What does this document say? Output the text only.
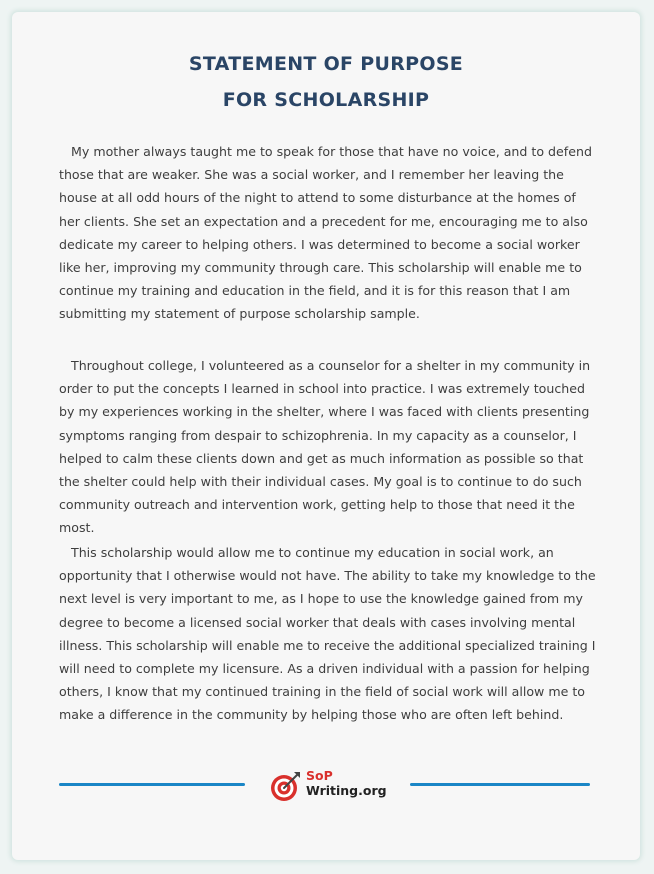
STATEMENT OF PURPOSE
FOR SCHOLARSHIP

My mother always taught me to speak for those that have no voice, and to defend those that are weaker. She was a social worker, and I remember her leaving the house at all odd hours of the night to attend to some disturbance at the homes of her clients. She set an expectation and a precedent for me, encouraging me to also dedicate my career to helping others. I was determined to become a social worker like her, improving my community through care. This scholarship will enable me to continue my training and education in the field, and it is for this reason that I am submitting my statement of purpose scholarship sample.

Throughout college, I volunteered as a counselor for a shelter in my community in order to put the concepts I learned in school into practice. I was extremely touched by my experiences working in the shelter, where I was faced with clients presenting symptoms ranging from despair to schizophrenia. In my capacity as a counselor, I helped to calm these clients down and get as much information as possible so that the shelter could help with their individual cases. My goal is to continue to do such community outreach and intervention work, getting help to those that need it the most.

This scholarship would allow me to continue my education in social work, an opportunity that I otherwise would not have. The ability to take my knowledge to the next level is very important to me, as I hope to use the knowledge gained from my degree to become a licensed social worker that deals with cases involving mental illness. This scholarship will enable me to receive the additional specialized training I will need to complete my licensure. As a driven individual with a passion for helping others, I know that my continued training in the field of social work will allow me to make a difference in the community by helping those who are often left behind.

SoP
Writing.org
